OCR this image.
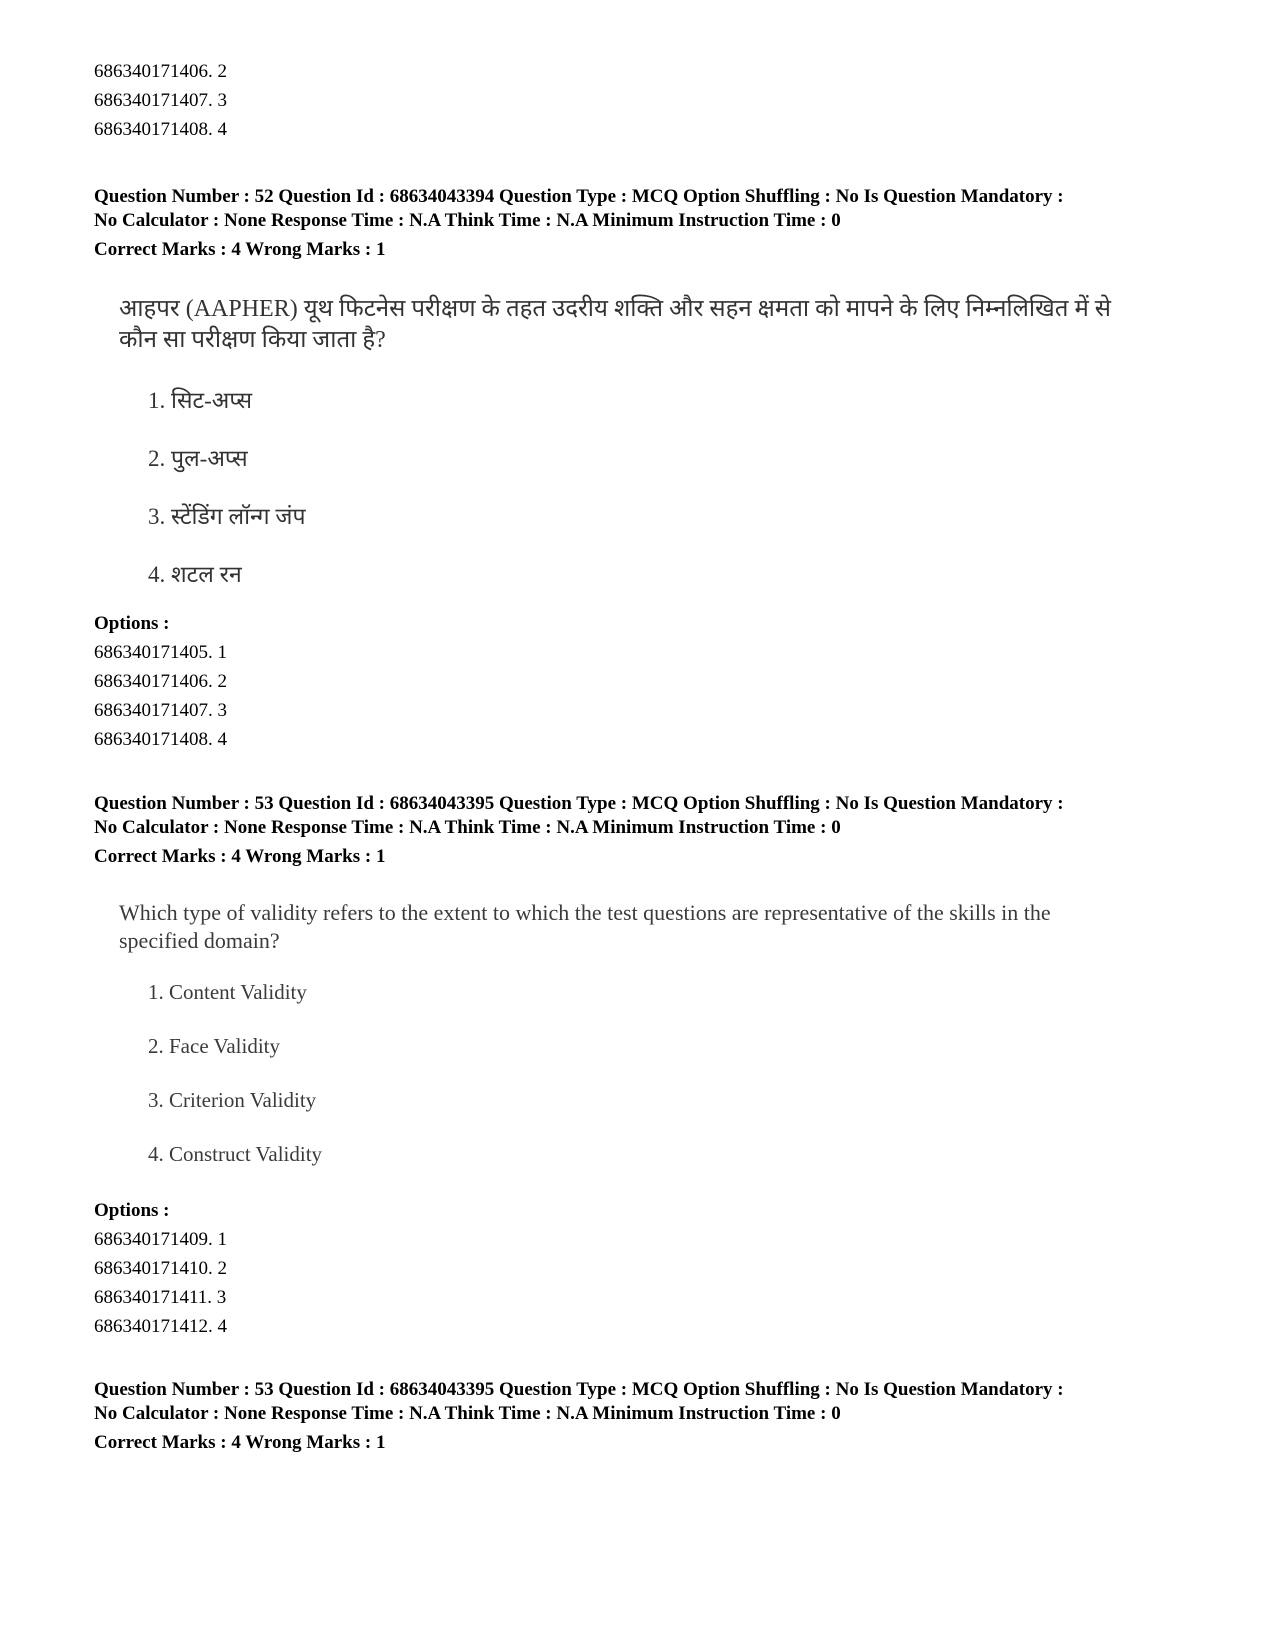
686340171406. 2
686340171407. 3
686340171408. 4
Question Number : 52 Question Id : 68634043394 Question Type : MCQ Option Shuffling : No Is Question Mandatory :
No Calculator : None Response Time : N.A Think Time : N.A Minimum Instruction Time : 0
Correct Marks : 4 Wrong Marks : 1
आहपर (AAPHER) यूथ फिटनेस परीक्षण के तहत उदरीय शक्ति और सहन क्षमता को मापने के लिए निम्नलिखित में से
कौन सा परीक्षण किया जाता है?
1. सिट-अप्स
2. पुल-अप्स
3. स्टेंडिंग लॉन्ग जंप
4. शटल रन
Options :
686340171405. 1
686340171406. 2
686340171407. 3
686340171408. 4
Question Number : 53 Question Id : 68634043395 Question Type : MCQ Option Shuffling : No Is Question Mandatory :
No Calculator : None Response Time : N.A Think Time : N.A Minimum Instruction Time : 0
Correct Marks : 4 Wrong Marks : 1
Which type of validity refers to the extent to which the test questions are representative of the skills in the
specified domain?
1. Content Validity
2. Face Validity
3. Criterion Validity
4. Construct Validity
Options :
686340171409. 1
686340171410. 2
686340171411. 3
686340171412. 4
Question Number : 53 Question Id : 68634043395 Question Type : MCQ Option Shuffling : No Is Question Mandatory :
No Calculator : None Response Time : N.A Think Time : N.A Minimum Instruction Time : 0
Correct Marks : 4 Wrong Marks : 1
